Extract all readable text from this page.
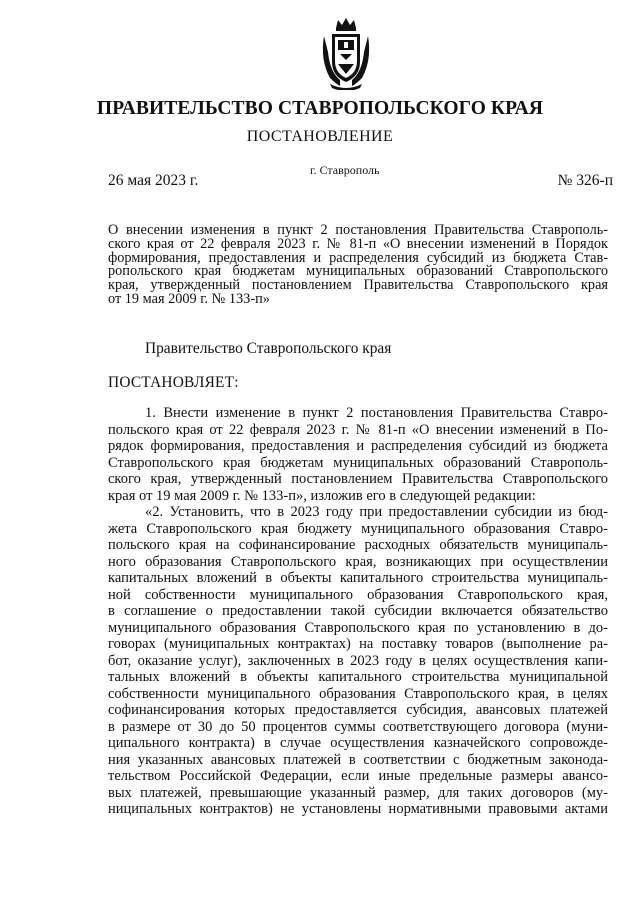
ПРАВИТЕЛЬСТВО СТАВРОПОЛЬСКОГО КРАЯ
ПОСТАНОВЛЕНИЕ
г. Ставрополь
26 мая 2023 г.	№ 326-п
О внесении изменения в пункт 2 постановления Правительства Ставрополь-
ского края от 22 февраля 2023 г. № 81-п «О внесении изменений в Порядок
формирования, предоставления и распределения субсидий из бюджета Став-
ропольского края бюджетам муниципальных образований Ставропольского
края, утвержденный постановлением Правительства Ставропольского края
от 19 мая 2009 г. № 133-п»
Правительство Ставропольского края
ПОСТАНОВЛЯЕТ:
1. Внести изменение в пункт 2 постановления Правительства Ставро-
польского края от 22 февраля 2023 г. № 81-п «О внесении изменений в По-
рядок формирования, предоставления и распределения субсидий из бюджета
Ставропольского края бюджетам муниципальных образований Ставрополь-
ского края, утвержденный постановлением Правительства Ставропольского
края от 19 мая 2009 г. № 133-п», изложив его в следующей редакции:
«2. Установить, что в 2023 году при предоставлении субсидии из бюд-
жета Ставропольского края бюджету муниципального образования Ставро-
польского края на софинансирование расходных обязательств муниципаль-
ного образования Ставропольского края, возникающих при осуществлении
капитальных вложений в объекты капитального строительства муниципаль-
ной собственности муниципального образования Ставропольского края,
в соглашение о предоставлении такой субсидии включается обязательство
муниципального образования Ставропольского края по установлению в до-
говорах (муниципальных контрактах) на поставку товаров (выполнение ра-
бот, оказание услуг), заключенных в 2023 году в целях осуществления капи-
тальных вложений в объекты капитального строительства муниципальной
собственности муниципального образования Ставропольского края, в целях
софинансирования которых предоставляется субсидия, авансовых платежей
в размере от 30 до 50 процентов суммы соответствующего договора (муни-
ципального контракта) в случае осуществления казначейского сопровожде-
ния указанных авансовых платежей в соответствии с бюджетным законода-
тельством Российской Федерации, если иные предельные размеры авансо-
вых платежей, превышающие указанный размер, для таких договоров (му-
ниципальных контрактов) не установлены нормативными правовыми актами
